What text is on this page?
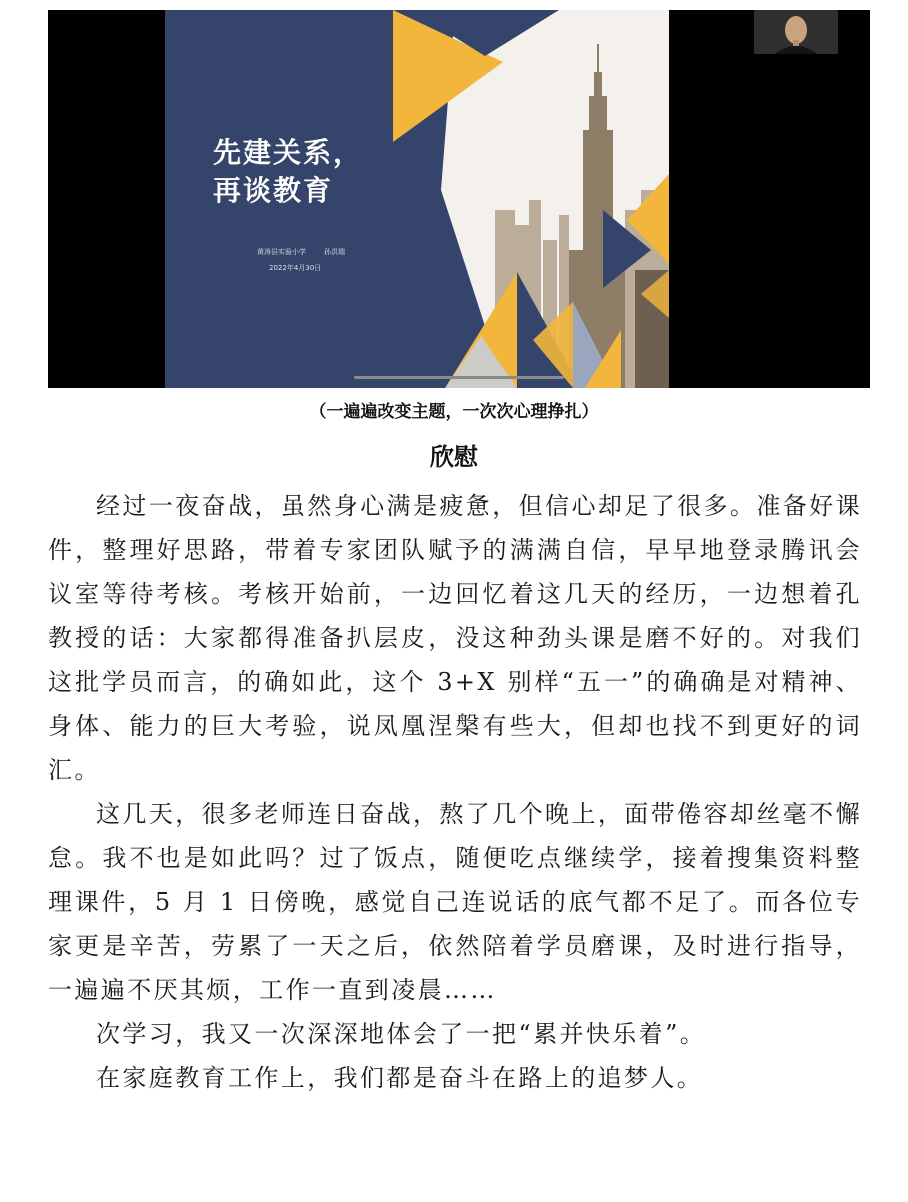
先建关系，
再谈教育
黄涛县实验小学	孙洪瑞
2022年4月30日
（一遍遍改变主题，一次次心理挣扎）
欣慰

经过一夜奋战，虽然身心满是疲惫，但信心却足了很多。准备好课件，整理好思路，带着专家团队赋予的满满自信，早早地登录腾讯会议室等待考核。考核开始前，一边回忆着这几天的经历，一边想着孔教授的话：大家都得准备扒层皮，没这种劲头课是磨不好的。对我们这批学员而言，的确如此，这个 3+X 别样“五一”的确确是对精神、身体、能力的巨大考验，说凤凰涅槃有些大，但却也找不到更好的词汇。

这几天，很多老师连日奋战，熬了几个晚上，面带倦容却丝毫不懈怠。我不也是如此吗？过了饭点，随便吃点继续学，接着搜集资料整理课件，5 月 1 日傍晚，感觉自己连说话的底气都不足了。而各位专家更是辛苦，劳累了一天之后，依然陪着学员磨课，及时进行指导，一遍遍不厌其烦，工作一直到凌晨……

次学习，我又一次深深地体会了一把“累并快乐着”。

在家庭教育工作上，我们都是奋斗在路上的追梦人。
